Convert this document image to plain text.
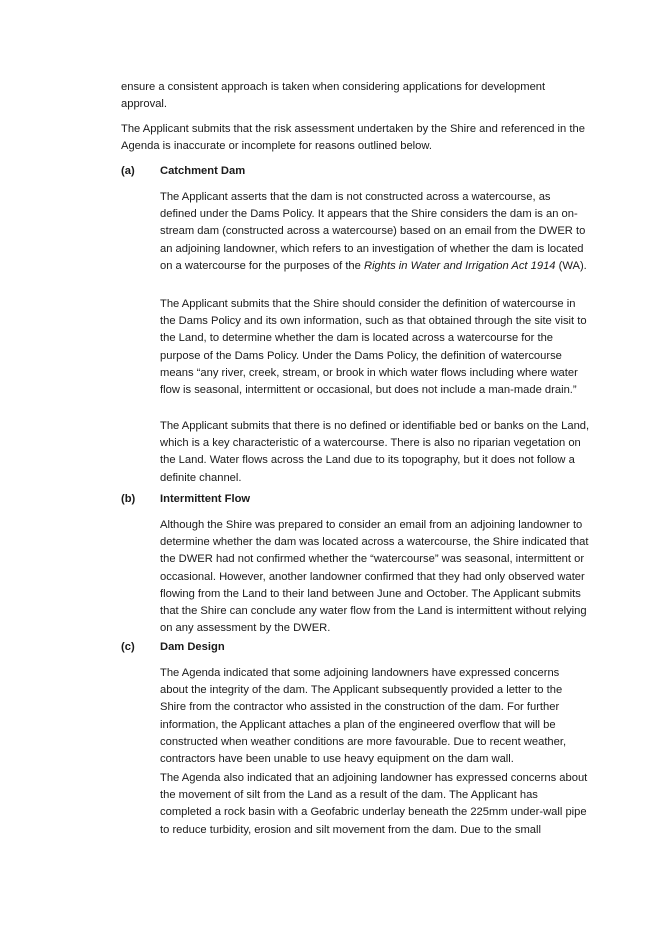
ensure a consistent approach is taken when considering applications for development approval.

The Applicant submits that the risk assessment undertaken by the Shire and referenced in the Agenda is inaccurate or incomplete for reasons outlined below.

(a) Catchment Dam

The Applicant asserts that the dam is not constructed across a watercourse, as defined under the Dams Policy. It appears that the Shire considers the dam is an on-stream dam (constructed across a watercourse) based on an email from the DWER to an adjoining landowner, which refers to an investigation of whether the dam is located on a watercourse for the purposes of the Rights in Water and Irrigation Act 1914 (WA).

The Applicant submits that the Shire should consider the definition of watercourse in the Dams Policy and its own information, such as that obtained through the site visit to the Land, to determine whether the dam is located across a watercourse for the purpose of the Dams Policy. Under the Dams Policy, the definition of watercourse means “any river, creek, stream, or brook in which water flows including where water flow is seasonal, intermittent or occasional, but does not include a man-made drain.”

The Applicant submits that there is no defined or identifiable bed or banks on the Land, which is a key characteristic of a watercourse. There is also no riparian vegetation on the Land. Water flows across the Land due to its topography, but it does not follow a definite channel.

(b) Intermittent Flow

Although the Shire was prepared to consider an email from an adjoining landowner to determine whether the dam was located across a watercourse, the Shire indicated that the DWER had not confirmed whether the “watercourse” was seasonal, intermittent or occasional. However, another landowner confirmed that they had only observed water flowing from the Land to their land between June and October. The Applicant submits that the Shire can conclude any water flow from the Land is intermittent without relying on any assessment by the DWER.

(c) Dam Design

The Agenda indicated that some adjoining landowners have expressed concerns about the integrity of the dam. The Applicant subsequently provided a letter to the Shire from the contractor who assisted in the construction of the dam. For further information, the Applicant attaches a plan of the engineered overflow that will be constructed when weather conditions are more favourable. Due to recent weather, contractors have been unable to use heavy equipment on the dam wall.

The Agenda also indicated that an adjoining landowner has expressed concerns about the movement of silt from the Land as a result of the dam. The Applicant has completed a rock basin with a Geofabric underlay beneath the 225mm under-wall pipe to reduce turbidity, erosion and silt movement from the dam. Due to the small
